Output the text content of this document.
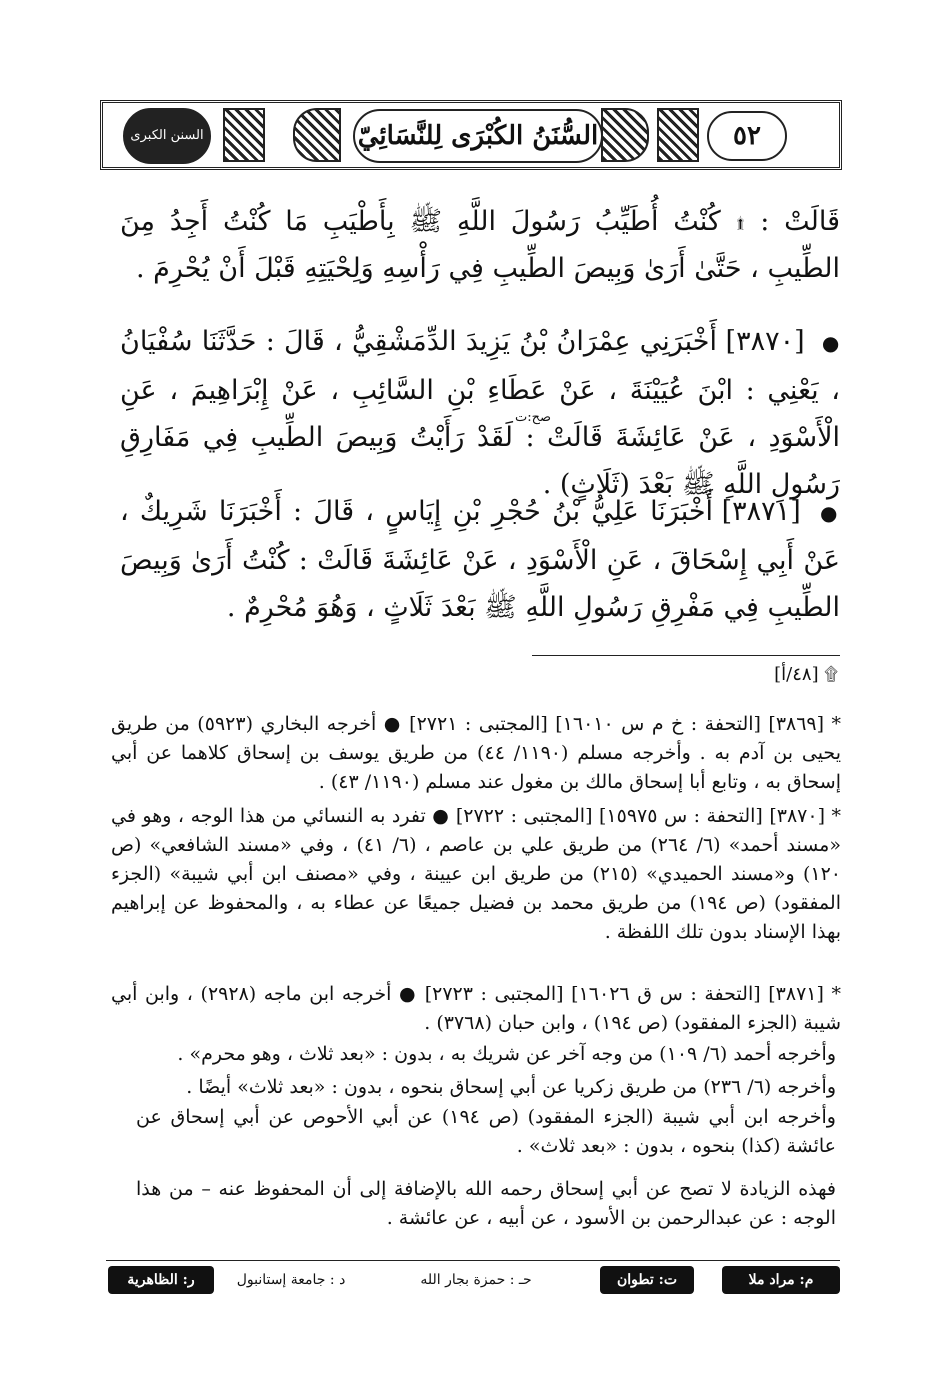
٥٢
السُّنَنُ الكُبْرَى لِلنَّسَائِيّ
السنن الكبرى
قَالَتْ : ۩ كُنْتُ أُطَيِّبُ رَسُولَ اللَّهِ ﷺ بِأَطْيَبِ مَا كُنْتُ أَجِدُ مِنَ الطِّيبِ ، حَتَّىٰ أَرَىٰ وَبِيصَ الطِّيبِ فِي رَأْسِهِ وَلِحْيَتِهِ قَبْلَ أَنْ يُحْرِمَ .
● [٣٨٧٠] أَخْبَرَنِي عِمْرَانُ بْنُ يَزِيدَ الدِّمَشْقِيُّ ، قَالَ : حَدَّثَنَا سُفْيَانُ ، يَعْنِي : ابْنَ عُيَيْنَةَ ، عَنْ عَطَاءِ بْنِ السَّائِبِ ، عَنْ إِبْرَاهِيمَ ، عَنِ الْأَسْوَدِ ، عَنْ عَائِشَةَ قَالَتْ : لَقَدْ رَأَيْتُ وَبِيصَ الطِّيبِ فِي مَفَارِقِ رَسُولِ اللَّهِ ﷺ بَعْدَ (ثَلَاثٍ) .
صح:ت
● [٣٨٧١] أَخْبَرَنَا عَلِيُّ بْنُ حُجْرِ بْنِ إِيَاسٍ ، قَالَ : أَخْبَرَنَا شَرِيكٌ ، عَنْ أَبِي إِسْحَاقَ ، عَنِ الْأَسْوَدِ ، عَنْ عَائِشَةَ قَالَتْ : كُنْتُ أَرَىٰ وَبِيصَ الطِّيبِ فِي مَفْرِقِ رَسُولِ اللَّهِ ﷺ بَعْدَ ثَلَاثٍ ، وَهُوَ مُحْرِمٌ .
۩ [٤٨/أ]
* [٣٨٦٩] [التحفة : خ م س ١٦٠١٠] [المجتبى : ٢٧٢١] ● أخرجه البخاري (٥٩٢٣) من طريق يحيى بن آدم به . وأخرجه مسلم (١١٩٠/ ٤٤) من طريق يوسف بن إسحاق كلاهما عن أبي إسحاق به ، وتابع أبا إسحاق مالك بن مغول عند مسلم (١١٩٠/ ٤٣) .
* [٣٨٧٠] [التحفة : س ١٥٩٧٥] [المجتبى : ٢٧٢٢] ● تفرد به النسائي من هذا الوجه ، وهو في «مسند أحمد» (٦/ ٢٦٤) من طريق علي بن عاصم ، (٦/ ٤١) ، وفي «مسند الشافعي» (ص ١٢٠) و«مسند الحميدي» (٢١٥) من طريق ابن عيينة ، وفي «مصنف ابن أبي شيبة» (الجزء المفقود) (ص ١٩٤) من طريق محمد بن فضيل جميعًا عن عطاء به ، والمحفوظ عن إبراهيم بهذا الإسناد بدون تلك اللفظة .
* [٣٨٧١] [التحفة : س ق ١٦٠٢٦] [المجتبى : ٢٧٢٣] ● أخرجه ابن ماجه (٢٩٢٨) ، وابن أبي شيبة (الجزء المفقود) (ص ١٩٤) ، وابن حبان (٣٧٦٨) .
وأخرجه أحمد (٦/ ١٠٩) من وجه آخر عن شريك به ، بدون : «بعد ثلاث ، وهو محرم» .
وأخرجه (٦/ ٢٣٦) من طريق زكريا عن أبي إسحاق بنحوه ، بدون : «بعد ثلاث» أيضًا .
وأخرجه ابن أبي شيبة (الجزء المفقود) (ص ١٩٤) عن أبي الأحوص عن أبي إسحاق عن عائشة (كذا) بنحوه ، بدون : «بعد ثلاث» .
فهذه الزيادة لا تصح عن أبي إسحاق رحمه الله بالإضافة إلى أن المحفوظ عنه – من هذا الوجه : عن عبدالرحمن بن الأسود ، عن أبيه ، عن عائشة .
م: مراد ملا
ت: تطوان
حـ : حمزة بجار الله
د : جامعة إستانبول
ر: الظاهرية
